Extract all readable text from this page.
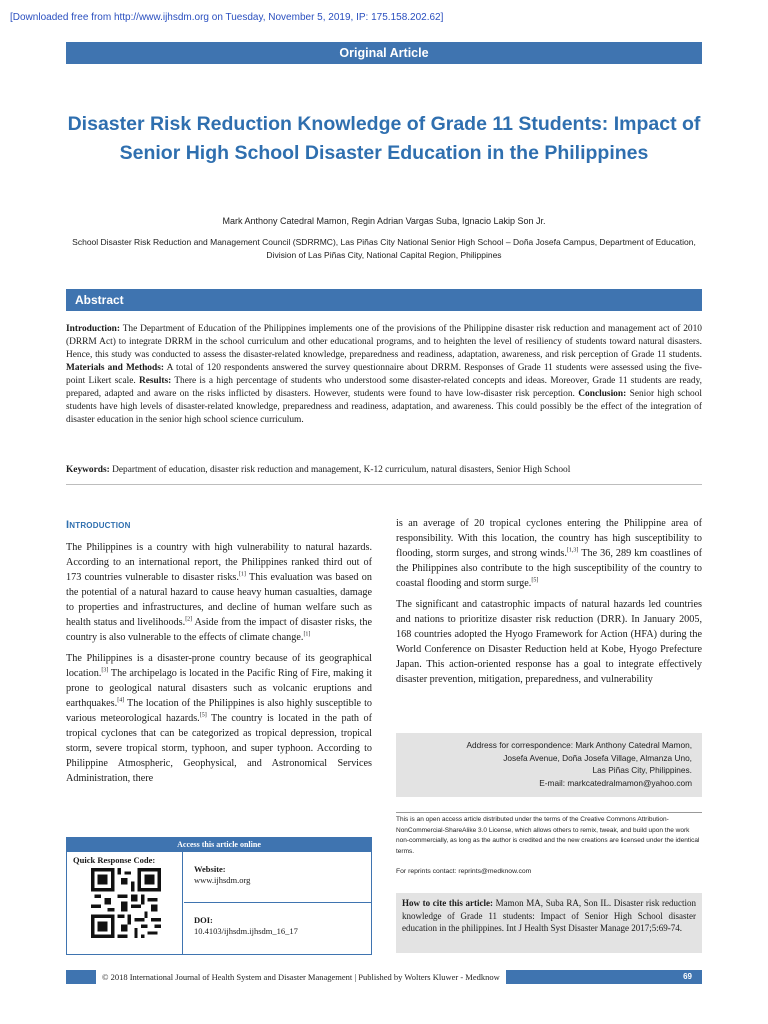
[Downloaded free from http://www.ijhsdm.org on Tuesday, November 5, 2019, IP: 175.158.202.62]
Original Article
Disaster Risk Reduction Knowledge of Grade 11 Students: Impact of Senior High School Disaster Education in the Philippines
Mark Anthony Catedral Mamon, Regin Adrian Vargas Suba, Ignacio Lakip Son Jr.
School Disaster Risk Reduction and Management Council (SDRRMC), Las Piñas City National Senior High School – Doña Josefa Campus, Department of Education, Division of Las Piñas City, National Capital Region, Philippines
Abstract
Introduction: The Department of Education of the Philippines implements one of the provisions of the Philippine disaster risk reduction and management act of 2010 (DRRM Act) to integrate DRRM in the school curriculum and other educational programs, and to heighten the level of resiliency of students toward natural disasters. Hence, this study was conducted to assess the disaster-related knowledge, preparedness and readiness, adaptation, awareness, and risk perception of Grade 11 students. Materials and Methods: A total of 120 respondents answered the survey questionnaire about DRRM. Responses of Grade 11 students were assessed using the five-point Likert scale. Results: There is a high percentage of students who understood some disaster-related concepts and ideas. Moreover, Grade 11 students are ready, prepared, adapted and aware on the risks inflicted by disasters. However, students were found to have low-disaster risk perception. Conclusion: Senior high school students have high levels of disaster-related knowledge, preparedness and readiness, adaptation, and awareness. This could possibly be the effect of the integration of disaster education in the senior high school science curriculum.
Keywords: Department of education, disaster risk reduction and management, K-12 curriculum, natural disasters, Senior High School
Introduction

The Philippines is a country with high vulnerability to natural hazards. According to an international report, the Philippines ranked third out of 173 countries vulnerable to disaster risks.[1] This evaluation was based on the potential of a natural hazard to cause heavy human casualties, damage to properties and infrastructures, and decline of human welfare such as health status and livelihoods.[2] Aside from the impact of disaster risks, the country is also vulnerable to the effects of climate change.[1]

The Philippines is a disaster-prone country because of its geographical location.[3] The archipelago is located in the Pacific Ring of Fire, making it prone to geological natural disasters such as volcanic eruptions and earthquakes.[4] The location of the Philippines is also highly susceptible to various meteorological hazards.[5] The country is located in the path of tropical cyclones that can be categorized as tropical depression, tropical storm, severe tropical storm, typhoon, and super typhoon. According to Philippine Atmospheric, Geophysical, and Astronomical Services Administration, there

is an average of 20 tropical cyclones entering the Philippine area of responsibility. With this location, the country has high susceptibility to flooding, storm surges, and strong winds.[1,3] The 36, 289 km coastlines of the Philippines also contribute to the high susceptibility of the country to coastal flooding and storm surge.[5]

The significant and catastrophic impacts of natural hazards led countries and nations to prioritize disaster risk reduction (DRR). In January 2005, 168 countries adopted the Hyogo Framework for Action (HFA) during the World Conference on Disaster Reduction held at Kobe, Hyogo Prefecture Japan. This action-oriented response has a goal to integrate effectively disaster prevention, mitigation, preparedness, and vulnerability

Address for correspondence: Mark Anthony Catedral Mamon,
Josefa Avenue, Doña Josefa Village, Almanza Uno,
Las Piñas City, Philippines.
E-mail: markcatedralmamon@yahoo.com
This is an open access article distributed under the terms of the Creative Commons Attribution-NonCommercial-ShareAlike 3.0 License, which allows others to remix, tweak, and build upon the work non-commercially, as long as the author is credited and the new creations are licensed under the identical terms.
For reprints contact: reprints@medknow.com
How to cite this article: Mamon MA, Suba RA, Son IL. Disaster risk reduction knowledge of Grade 11 students: Impact of Senior High School disaster education in the philippines. Int J Health Syst Disaster Manage 2017;5:69-74.
Access this article online
Quick Response Code:
Website:
www.ijhsdm.org
DOI:
10.4103/ijhsdm.ijhsdm_16_17
© 2018 International Journal of Health System and Disaster Management | Published by Wolters Kluwer - Medknow	69
